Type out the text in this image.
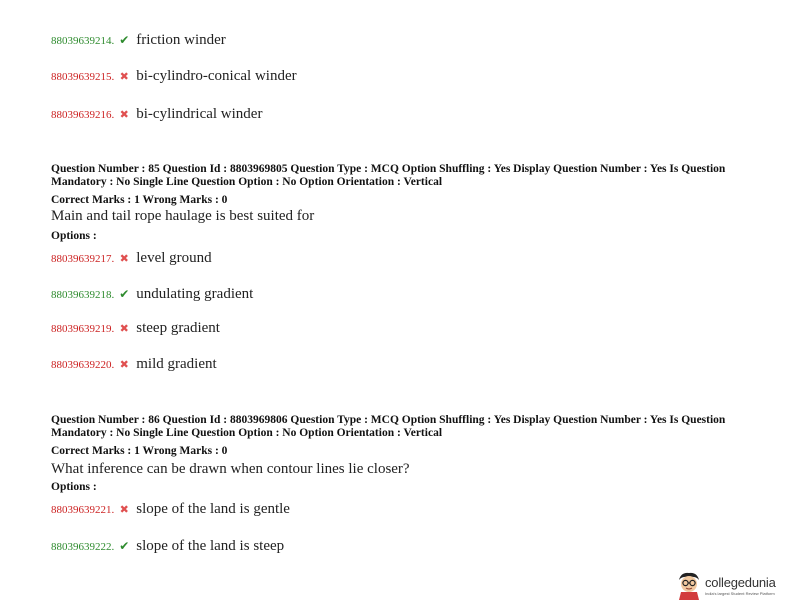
88039639214. ✔ friction winder
88039639215. ✖ bi-cylindro-conical winder
88039639216. ✖ bi-cylindrical winder
Question Number : 85 Question Id : 8803969805 Question Type : MCQ Option Shuffling : Yes Display Question Number : Yes Is Question Mandatory : No Single Line Question Option : No Option Orientation : Vertical
Correct Marks : 1 Wrong Marks : 0
Main and tail rope haulage is best suited for
Options :
88039639217. ✖ level ground
88039639218. ✔ undulating gradient
88039639219. ✖ steep gradient
88039639220. ✖ mild gradient
Question Number : 86 Question Id : 8803969806 Question Type : MCQ Option Shuffling : Yes Display Question Number : Yes Is Question Mandatory : No Single Line Question Option : No Option Orientation : Vertical
Correct Marks : 1 Wrong Marks : 0
What inference can be drawn when contour lines lie closer?
Options :
88039639221. ✖ slope of the land is gentle
88039639222. ✔ slope of the land is steep
collegedunia
India's largest Student Review Platform
